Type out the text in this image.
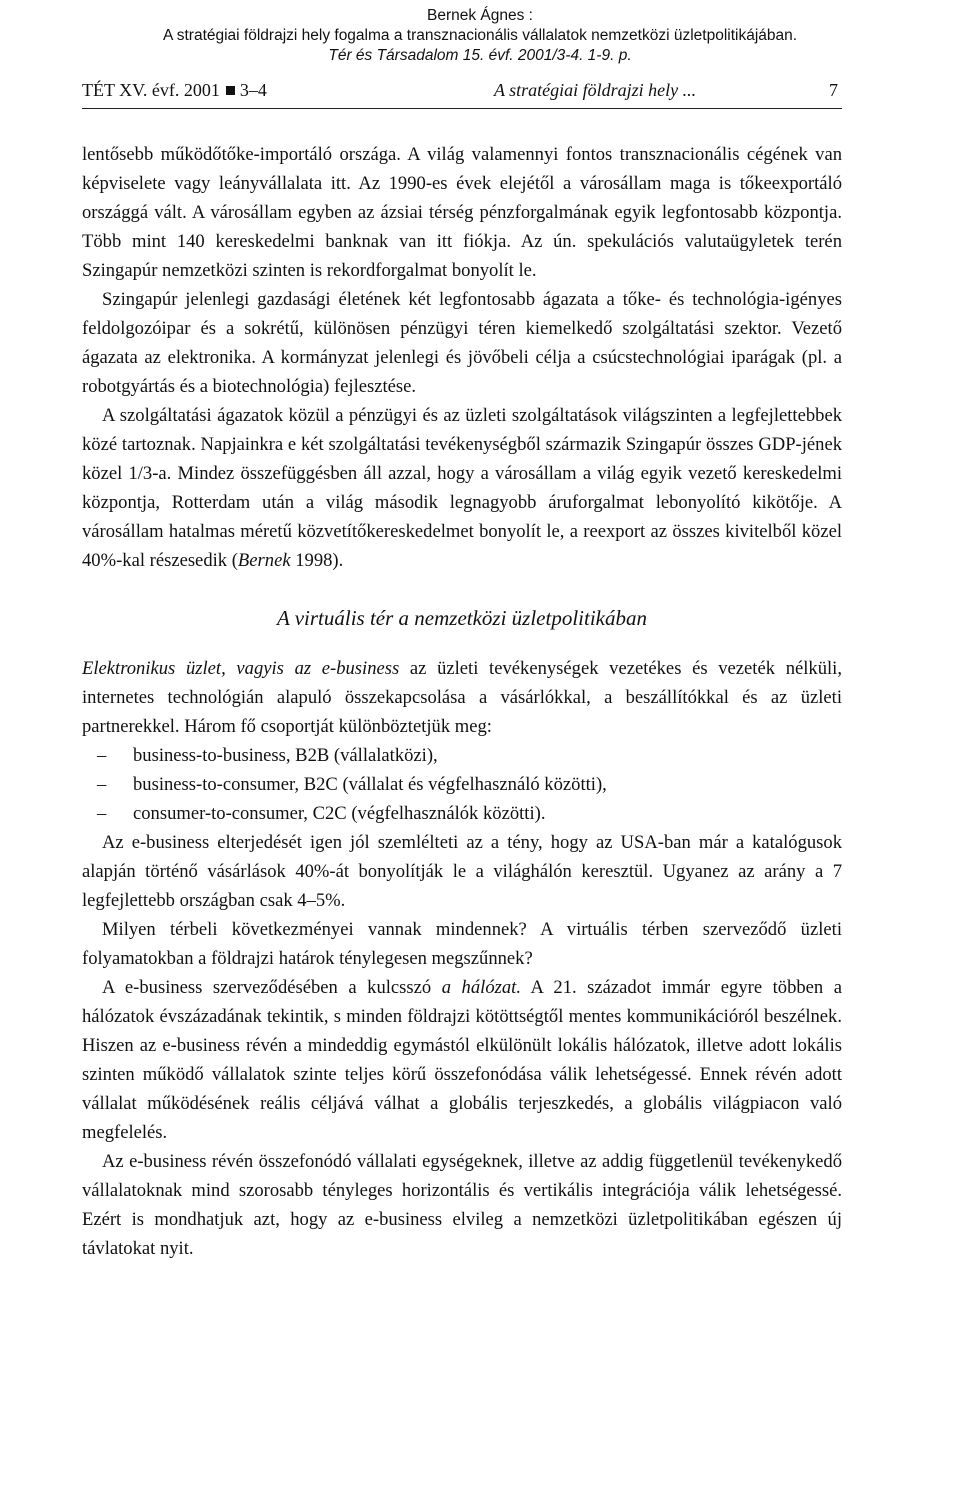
Bernek Ágnes :
A stratégiai földrajzi hely fogalma a transznacionális vállalatok nemzetközi üzletpolitikájában.
Tér és Társadalom 15. évf. 2001/3-4. 1-9. p.
TÉT XV. évf. 2001 3–4	A stratégiai földrajzi hely ...	7

lentősebb működőtőke-importáló országa. A világ valamennyi fontos transznacionális cégének van képviselete vagy leányvállalata itt. Az 1990-es évek elejétől a városállam maga is tőkeexportáló országgá vált. A városállam egyben az ázsiai térség pénzforgalmának egyik legfontosabb központja. Több mint 140 kereskedelmi banknak van itt fiókja. Az ún. spekulációs valutaügyletek terén Szingapúr nemzetközi szinten is rekordforgalmat bonyolít le.

Szingapúr jelenlegi gazdasági életének két legfontosabb ágazata a tőke- és technológia-igényes feldolgozóipar és a sokrétű, különösen pénzügyi téren kiemelkedő szolgáltatási szektor. Vezető ágazata az elektronika. A kormányzat jelenlegi és jövőbeli célja a csúcstechnológiai iparágak (pl. a robotgyártás és a biotechnológia) fejlesztése.

A szolgáltatási ágazatok közül a pénzügyi és az üzleti szolgáltatások világszinten a legfejlettebbek közé tartoznak. Napjainkra e két szolgáltatási tevékenységből származik Szingapúr összes GDP-jének közel 1/3-a. Mindez összefüggésben áll azzal, hogy a városállam a világ egyik vezető kereskedelmi központja, Rotterdam után a világ második legnagyobb áruforgalmat lebonyolító kikötője. A városállam hatalmas méretű közvetítőkereskedelmet bonyolít le, a reexport az összes kivitelből közel 40%-kal részesedik (Bernek 1998).

A virtuális tér a nemzetközi üzletpolitikában

Elektronikus üzlet, vagyis az e-business az üzleti tevékenységek vezetékes és vezeték nélküli, internetes technológián alapuló összekapcsolása a vásárlókkal, a beszállítókkal és az üzleti partnerekkel. Három fő csoportját különböztetjük meg:

– business-to-business, B2B (vállalatközi),
– business-to-consumer, B2C (vállalat és végfelhasználó közötti),
– consumer-to-consumer, C2C (végfelhasználók közötti).

Az e-business elterjedését igen jól szemlélteti az a tény, hogy az USA-ban már a katalógusok alapján történő vásárlások 40%-át bonyolítják le a világhálón keresztül. Ugyanez az arány a 7 legfejlettebb országban csak 4–5%.

Milyen térbeli következményei vannak mindennek? A virtuális térben szerveződő üzleti folyamatokban a földrajzi határok ténylegesen megszűnnek?

A e-business szerveződésében a kulcsszó a hálózat. A 21. századot immár egyre többen a hálózatok évszázadának tekintik, s minden földrajzi kötöttségtől mentes kommunikációról beszélnek. Hiszen az e-business révén a mindeddig egymástól elkülönült lokális hálózatok, illetve adott lokális szinten működő vállalatok szinte teljes körű összefonódása válik lehetségessé. Ennek révén adott vállalat működésének reális céljává válhat a globális terjeszkedés, a globális világpiacon való megfelelés.

Az e-business révén összefonódó vállalati egységeknek, illetve az addig függetlenül tevékenykedő vállalatoknak mind szorosabb tényleges horizontális és vertikális integrációja válik lehetségessé. Ezért is mondhatjuk azt, hogy az e-business elvileg a nemzetközi üzletpolitikában egészen új távlatokat nyit.
